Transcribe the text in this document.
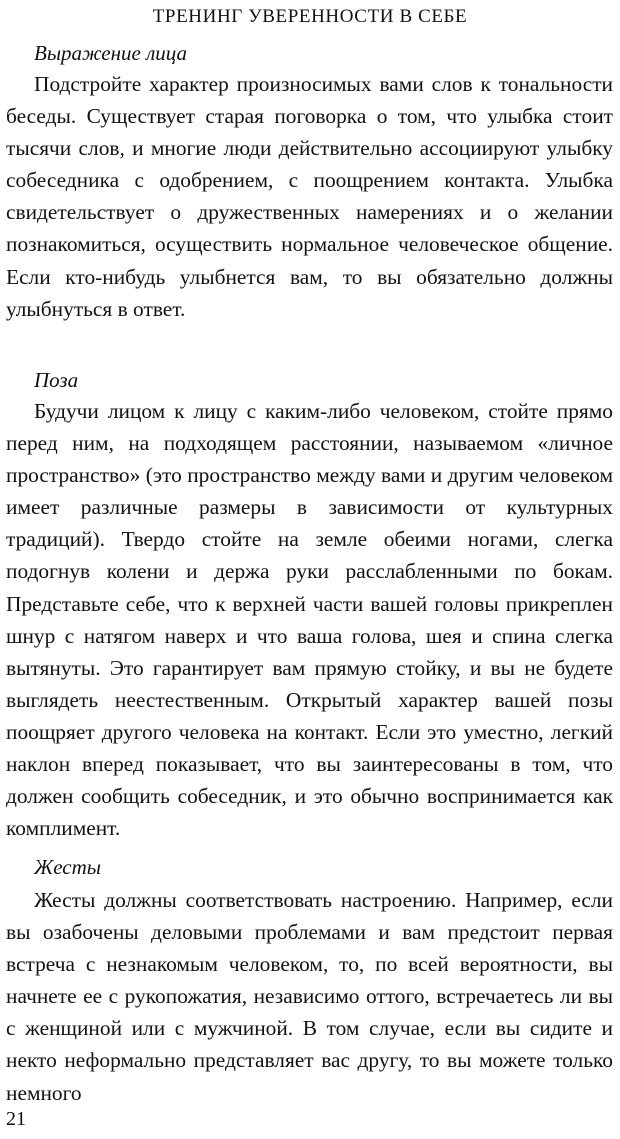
ТРЕНИНГ УВЕРЕННОСТИ В СЕБЕ
Выражение лица

Подстройте характер произносимых вами слов к тональности беседы. Существует старая поговорка о том, что улыбка стоит тысячи слов, и многие люди действительно ассоциируют улыбку собеседника с одобрением, с поощрением контакта. Улыбка свидетельствует о дружественных намерениях и о желании познакомиться, осуществить нормальное человеческое общение. Если кто-нибудь улыбнется вам, то вы обязательно должны улыбнуться в ответ.

Поза

Будучи лицом к лицу с каким-либо человеком, стойте прямо перед ним, на подходящем расстоянии, называемом «личное пространство» (это пространство между вами и другим человеком имеет различные размеры в зависимости от культурных традиций). Твердо стойте на земле обеими ногами, слегка подогнув колени и держа руки расслабленными по бокам. Представьте себе, что к верхней части вашей головы прикреплен шнур с натягом наверх и что ваша голова, шея и спина слегка вытянуты. Это гарантирует вам прямую стойку, и вы не будете выглядеть неестественным. Открытый характер вашей позы поощряет другого человека на контакт. Если это уместно, легкий наклон вперед показывает, что вы заинтересованы в том, что должен сообщить собеседник, и это обычно воспринимается как комплимент.

Жесты

Жесты должны соответствовать настроению. Например, если вы озабочены деловыми проблемами и вам предстоит первая встреча с незнакомым человеком, то, по всей вероятности, вы начнете ее с рукопожатия, независимо оттого, встречаетесь ли вы с женщиной или с мужчиной. В том случае, если вы сидите и некто неформально представляет вас другу, то вы можете только немного

21
